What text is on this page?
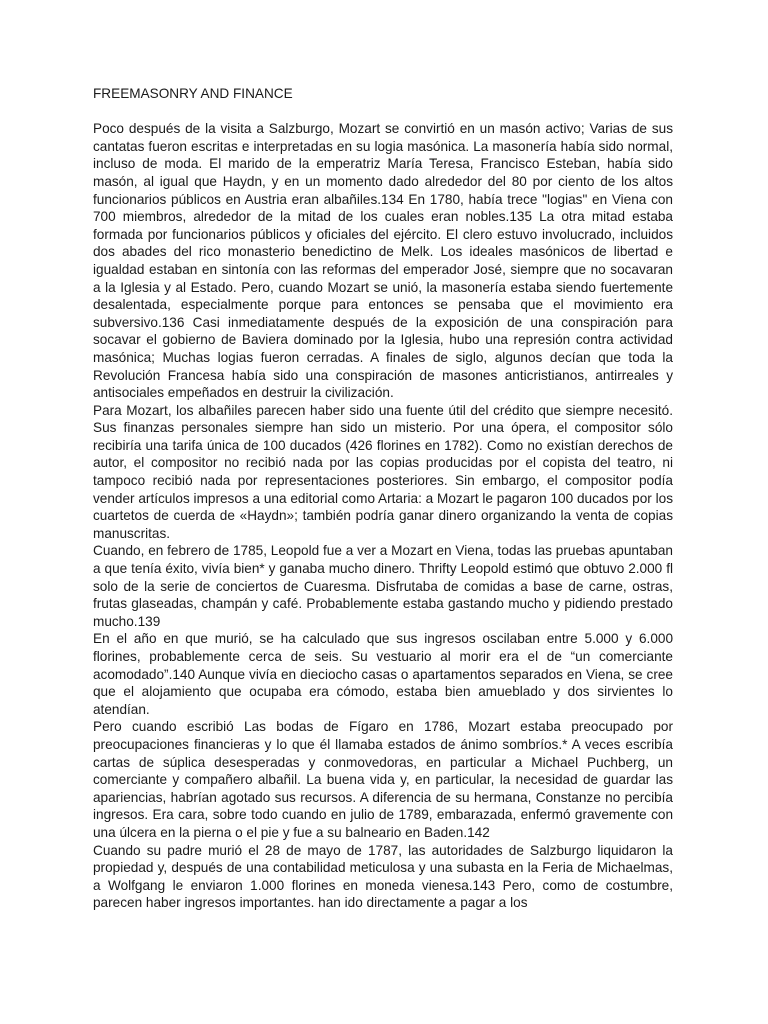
FREEMASONRY AND FINANCE

Poco después de la visita a Salzburgo, Mozart se convirtió en un masón activo; Varias de sus cantatas fueron escritas e interpretadas en su logia masónica. La masonería había sido normal, incluso de moda. El marido de la emperatriz María Teresa, Francisco Esteban, había sido masón, al igual que Haydn, y en un momento dado alrededor del 80 por ciento de los altos funcionarios públicos en Austria eran albañiles.134 En 1780, había trece "logias" en Viena con 700 miembros, alrededor de la mitad de los cuales eran nobles.135 La otra mitad estaba formada por funcionarios públicos y oficiales del ejército. El clero estuvo involucrado, incluidos dos abades del rico monasterio benedictino de Melk. Los ideales masónicos de libertad e igualdad estaban en sintonía con las reformas del emperador José, siempre que no socavaran a la Iglesia y al Estado. Pero, cuando Mozart se unió, la masonería estaba siendo fuertemente desalentada, especialmente porque para entonces se pensaba que el movimiento era subversivo.136 Casi inmediatamente después de la exposición de una conspiración para socavar el gobierno de Baviera dominado por la Iglesia, hubo una represión contra actividad masónica; Muchas logias fueron cerradas. A finales de siglo, algunos decían que toda la Revolución Francesa había sido una conspiración de masones anticristianos, antirreales y antisociales empeñados en destruir la civilización.

Para Mozart, los albañiles parecen haber sido una fuente útil del crédito que siempre necesitó. Sus finanzas personales siempre han sido un misterio. Por una ópera, el compositor sólo recibiría una tarifa única de 100 ducados (426 florines en 1782). Como no existían derechos de autor, el compositor no recibió nada por las copias producidas por el copista del teatro, ni tampoco recibió nada por representaciones posteriores. Sin embargo, el compositor podía vender artículos impresos a una editorial como Artaria: a Mozart le pagaron 100 ducados por los cuartetos de cuerda de «Haydn»; también podría ganar dinero organizando la venta de copias manuscritas.

Cuando, en febrero de 1785, Leopold fue a ver a Mozart en Viena, todas las pruebas apuntaban a que tenía éxito, vivía bien* y ganaba mucho dinero. Thrifty Leopold estimó que obtuvo 2.000 fl solo de la serie de conciertos de Cuaresma. Disfrutaba de comidas a base de carne, ostras, frutas glaseadas, champán y café. Probablemente estaba gastando mucho y pidiendo prestado mucho.139

En el año en que murió, se ha calculado que sus ingresos oscilaban entre 5.000 y 6.000 florines, probablemente cerca de seis. Su vestuario al morir era el de “un comerciante acomodado”.140 Aunque vivía en dieciocho casas o apartamentos separados en Viena, se cree que el alojamiento que ocupaba era cómodo, estaba bien amueblado y dos sirvientes lo atendían.

Pero cuando escribió Las bodas de Fígaro en 1786, Mozart estaba preocupado por preocupaciones financieras y lo que él llamaba estados de ánimo sombríos.* A veces escribía cartas de súplica desesperadas y conmovedoras, en particular a Michael Puchberg, un comerciante y compañero albañil. La buena vida y, en particular, la necesidad de guardar las apariencias, habrían agotado sus recursos. A diferencia de su hermana, Constanze no percibía ingresos. Era cara, sobre todo cuando en julio de 1789, embarazada, enfermó gravemente con una úlcera en la pierna o el pie y fue a su balneario en Baden.142

Cuando su padre murió el 28 de mayo de 1787, las autoridades de Salzburgo liquidaron la propiedad y, después de una contabilidad meticulosa y una subasta en la Feria de Michaelmas, a Wolfgang le enviaron 1.000 florines en moneda vienesa.143 Pero, como de costumbre, parecen haber ingresos importantes. han ido directamente a pagar a los
